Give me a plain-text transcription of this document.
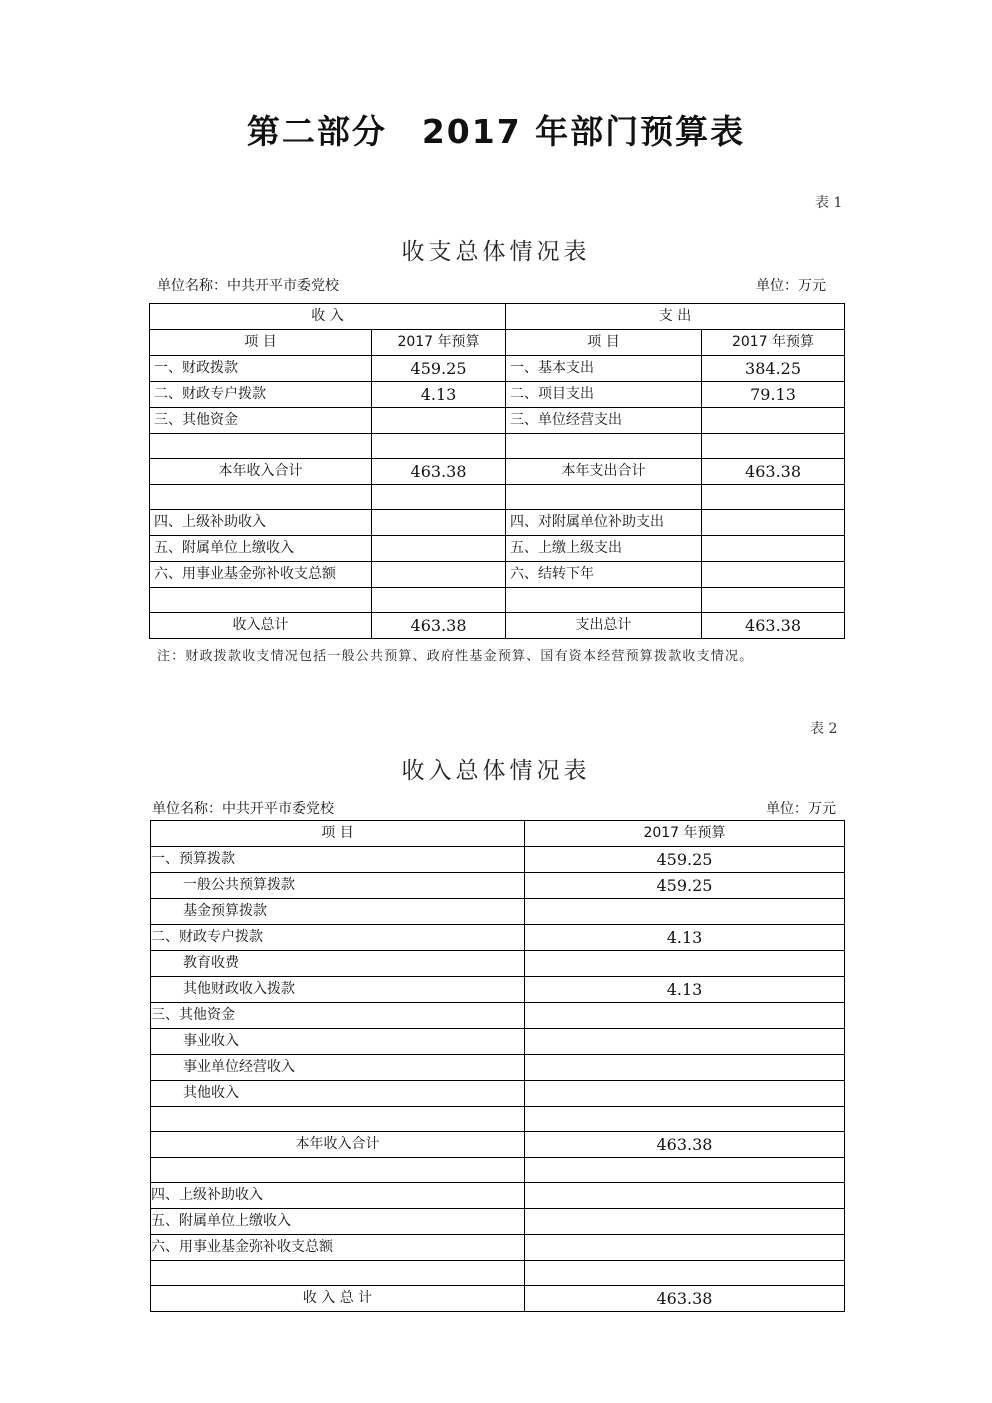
第二部分　2017 年部门预算表
表 1
收支总体情况表
单位名称：中共开平市委党校	单位：万元
收 入		支 出	
项 目	2017 年预算	项 目	2017 年预算
一、财政拨款	459.25	一、基本支出	384.25
二、财政专户拨款	4.13	二、项目支出	79.13
三、其他资金		三、单位经营支出	

本年收入合计	463.38	本年支出合计	463.38

四、上级补助收入		四、对附属单位补助支出	
五、附属单位上缴收入		五、上缴上级支出	
六、用事业基金弥补收支总额		六、结转下年	

收入总计	463.38	支出总计	463.38
注：财政拨款收支情况包括一般公共预算、政府性基金预算、国有资本经营预算拨款收支情况。
表 2
收入总体情况表
单位名称：中共开平市委党校	单位：万元
项 目	2017 年预算
一、预算拨款	459.25
一般公共预算拨款	459.25
基金预算拨款	
二、财政专户拨款	4.13
教育收费	
其他财政收入拨款	4.13
三、其他资金	
事业收入	
事业单位经营收入	
其他收入	

本年收入合计	463.38

四、上级补助收入	
五、附属单位上缴收入	
六、用事业基金弥补收支总额	

收 入 总 计	463.38
